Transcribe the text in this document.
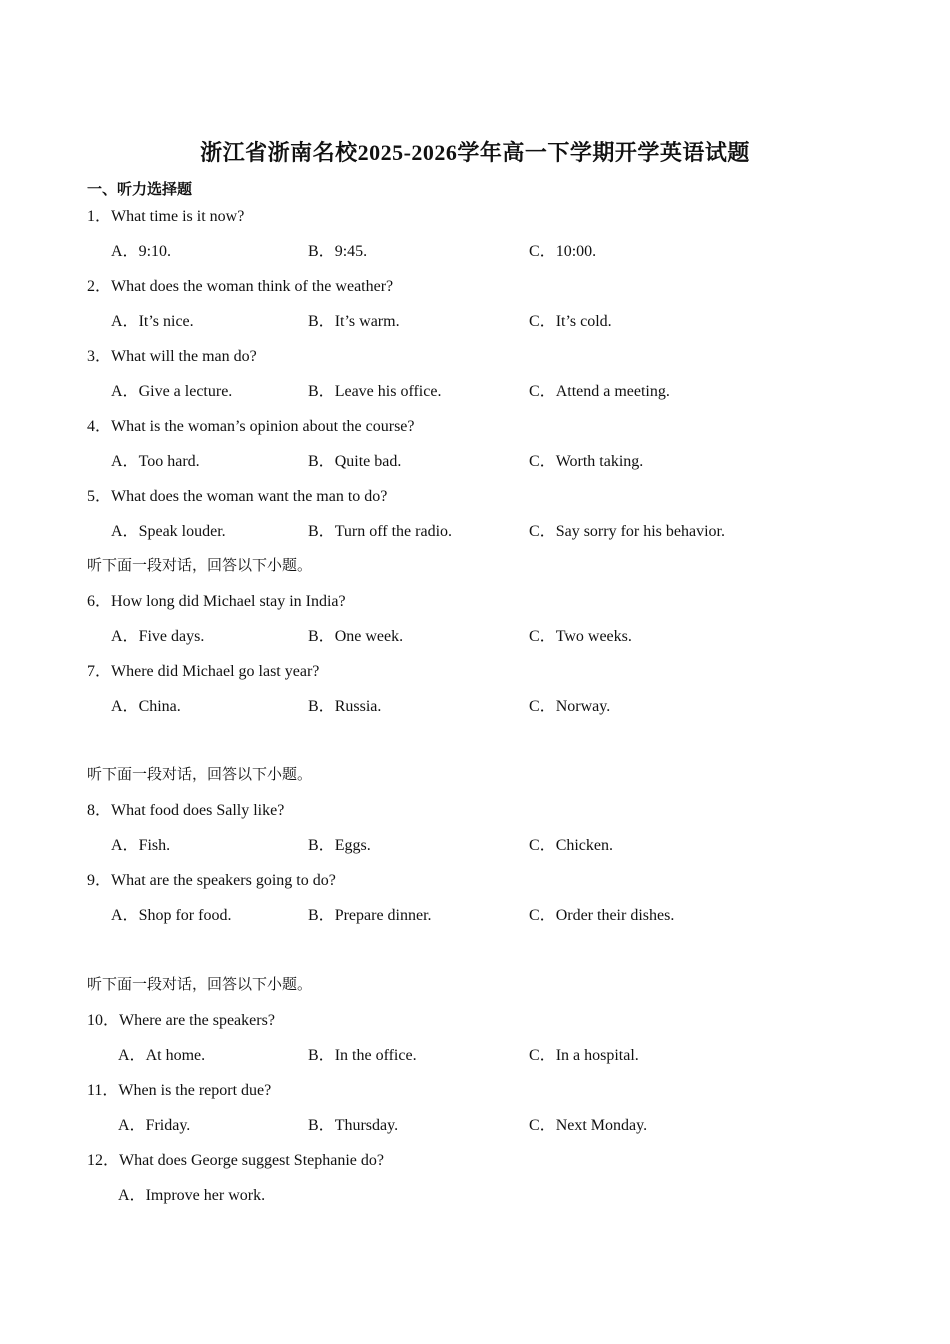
浙江省浙南名校2025-2026学年高一下学期开学英语试题
一、听力选择题
1．What time is it now?
A．9:10.	B．9:45.	C．10:00.
2．What does the woman think of the weather?
A．It’s nice.	B．It’s warm.	C．It’s cold.
3．What will the man do?
A．Give a lecture.	B．Leave his office.	C．Attend a meeting.
4．What is the woman’s opinion about the course?
A．Too hard.	B．Quite bad.	C．Worth taking.
5．What does the woman want the man to do?
A．Speak louder.	B．Turn off the radio.	C．Say sorry for his behavior.
听下面一段对话，回答以下小题。
6．How long did Michael stay in India?
A．Five days.	B．One week.	C．Two weeks.
7．Where did Michael go last year?
A．China.	B．Russia.	C．Norway.
听下面一段对话，回答以下小题。
8．What food does Sally like?
A．Fish.	B．Eggs.	C．Chicken.
9．What are the speakers going to do?
A．Shop for food.	B．Prepare dinner.	C．Order their dishes.
听下面一段对话，回答以下小题。
10．Where are the speakers?
A．At home.	B．In the office.	C．In a hospital.
11．When is the report due?
A．Friday.	B．Thursday.	C．Next Monday.
12．What does George suggest Stephanie do?
A．Improve her work.
